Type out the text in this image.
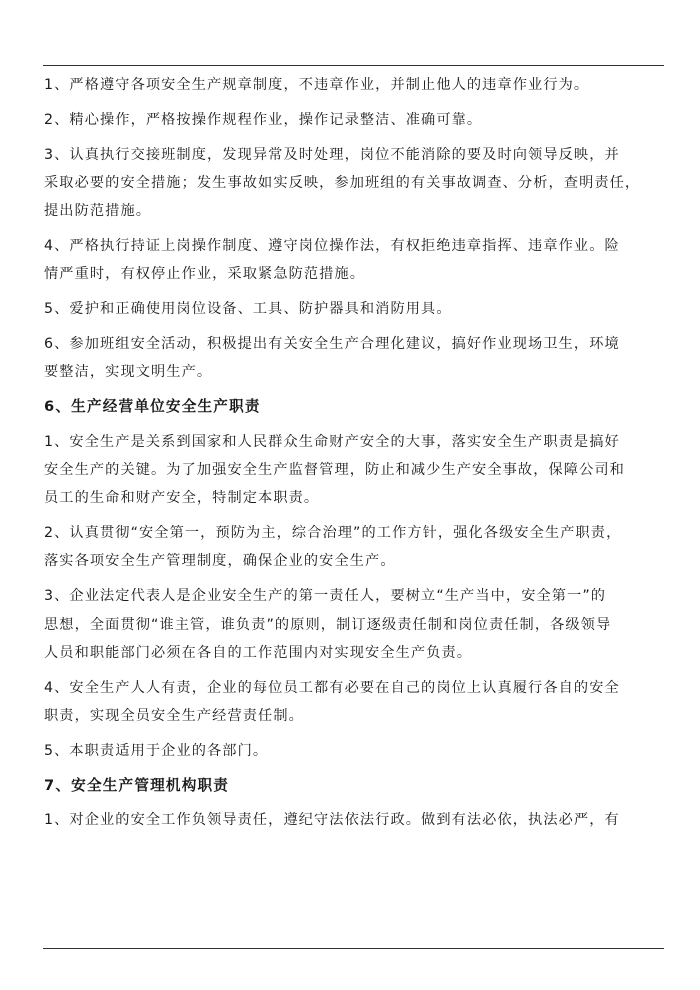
1、严格遵守各项安全生产规章制度，不违章作业，并制止他人的违章作业行为。

2、精心操作，严格按操作规程作业，操作记录整洁、准确可靠。

3、认真执行交接班制度，发现异常及时处理，岗位不能消除的要及时向领导反映，并
采取必要的安全措施；发生事故如实反映，参加班组的有关事故调查、分析，查明责任，
提出防范措施。

4、严格执行持证上岗操作制度、遵守岗位操作法，有权拒绝违章指挥、违章作业。险
情严重时，有权停止作业，采取紧急防范措施。

5、爱护和正确使用岗位设备、工具、防护器具和消防用具。

6、参加班组安全活动，积极提出有关安全生产合理化建议，搞好作业现场卫生，环境
要整洁，实现文明生产。

6、生产经营单位安全生产职责

1、安全生产是关系到国家和人民群众生命财产安全的大事，落实安全生产职责是搞好
安全生产的关键。为了加强安全生产监督管理，防止和减少生产安全事故，保障公司和
员工的生命和财产安全，特制定本职责。

2、认真贯彻“安全第一，预防为主，综合治理”的工作方针，强化各级安全生产职责，
落实各项安全生产管理制度，确保企业的安全生产。

3、企业法定代表人是企业安全生产的第一责任人，要树立“生产当中，安全第一”的
思想，全面贯彻“谁主管，谁负责”的原则，制订逐级责任制和岗位责任制，各级领导
人员和职能部门必须在各自的工作范围内对实现安全生产负责。

4、安全生产人人有责，企业的每位员工都有必要在自己的岗位上认真履行各自的安全
职责，实现全员安全生产经营责任制。

5、本职责适用于企业的各部门。

7、安全生产管理机构职责

1、对企业的安全工作负领导责任，遵纪守法依法行政。做到有法必依，执法必严，有
